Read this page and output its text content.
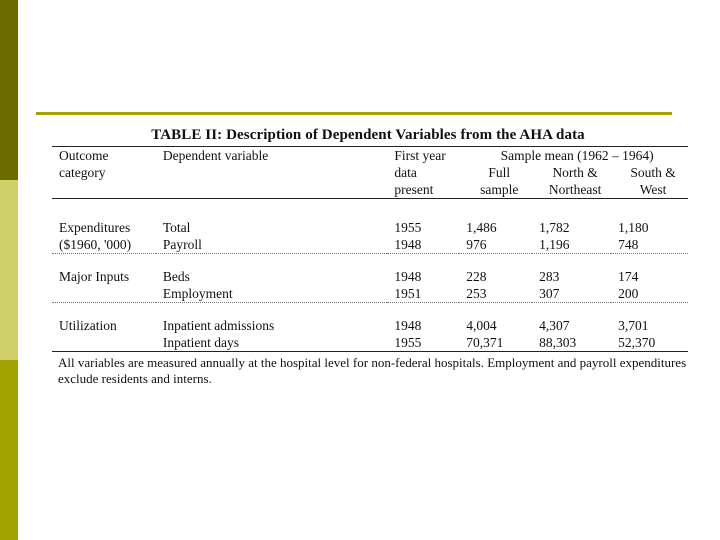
TABLE II: Description of Dependent Variables from the AHA data
Outcome	Dependent variable	First year	Sample mean (1962 – 1964)		
category		data	Full	North &	South &
		present	sample	Northeast	West

Expenditures	Total	1955	1,486	1,782	1,180
($1960, '000)	Payroll	1948	976	1,196	748

Major Inputs	Beds	1948	228	283	174
	Employment	1951	253	307	200

Utilization	Inpatient admissions	1948	4,004	4,307	3,701
	Inpatient days	1955	70,371	88,303	52,370
All variables are measured annually at the hospital level for non-federal hospitals. Employment and payroll expenditures exclude residents and interns.
